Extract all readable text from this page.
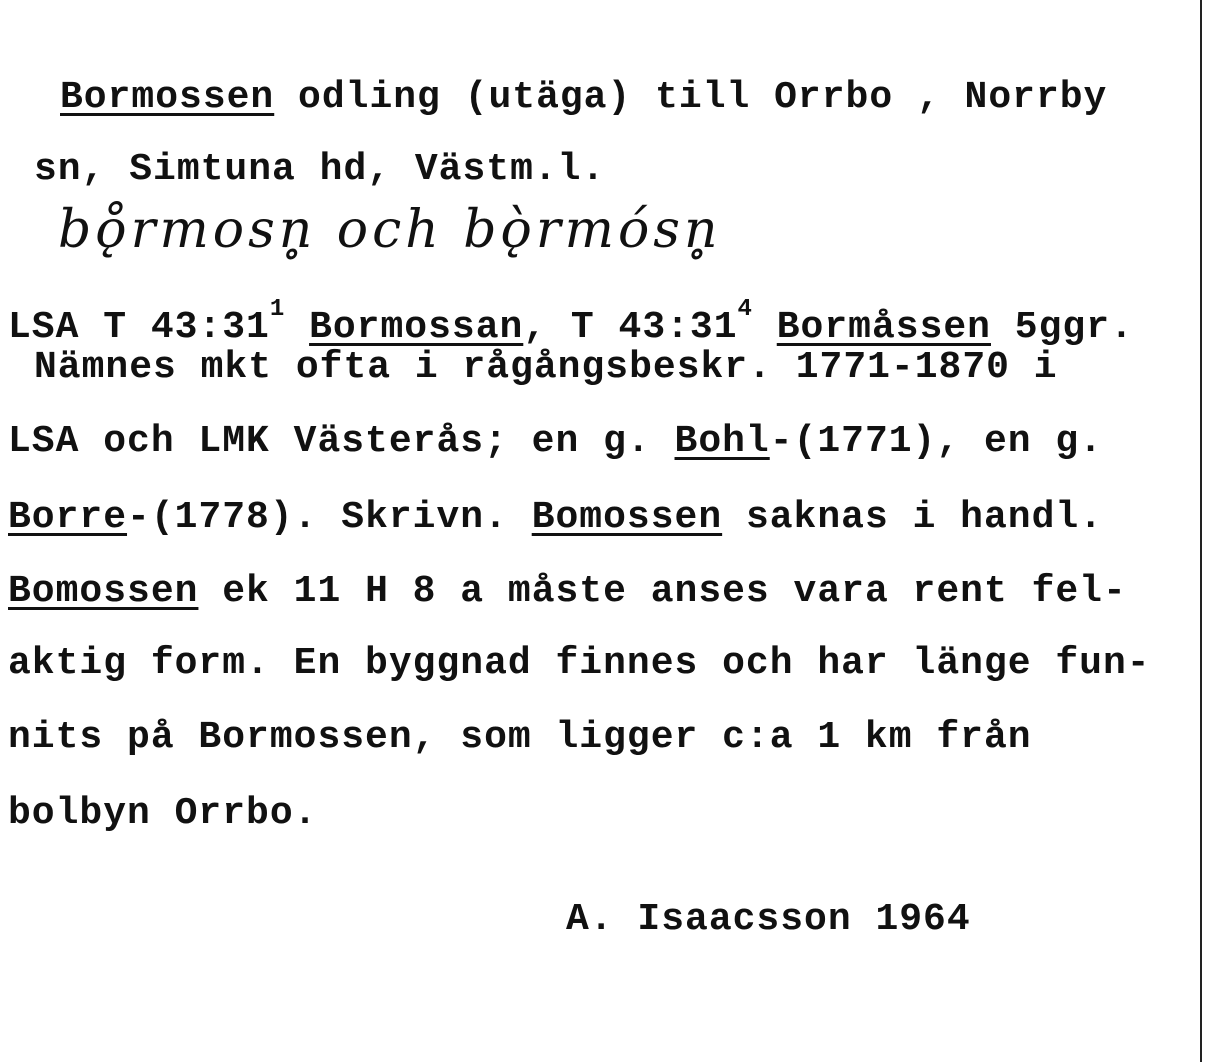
Bormossen odling (utäga) till Orrbo , Norrby
sn, Simtuna hd, Västm.l.
bǫ̊rmosn̥ och bǫ̀rmósn̥
LSA T $43:31^1$ Bormossan, T $43:31^4$ Bormåssen 5ggr.
Nämnes mkt ofta i rågångsbeskr. 1771-1870 i
LSA och LMK Västerås; en g. Bohl-(1771), en g.
Borre-(1778). Skrivn. Bomossen saknas i handl.
Bomossen ek 11 H 8 a måste anses vara rent fel-
aktig form. En byggnad finnes och har länge fun-
nits på Bormossen, som ligger c:a 1 km från
bolbyn Orrbo.
A. Isaacsson 1964
